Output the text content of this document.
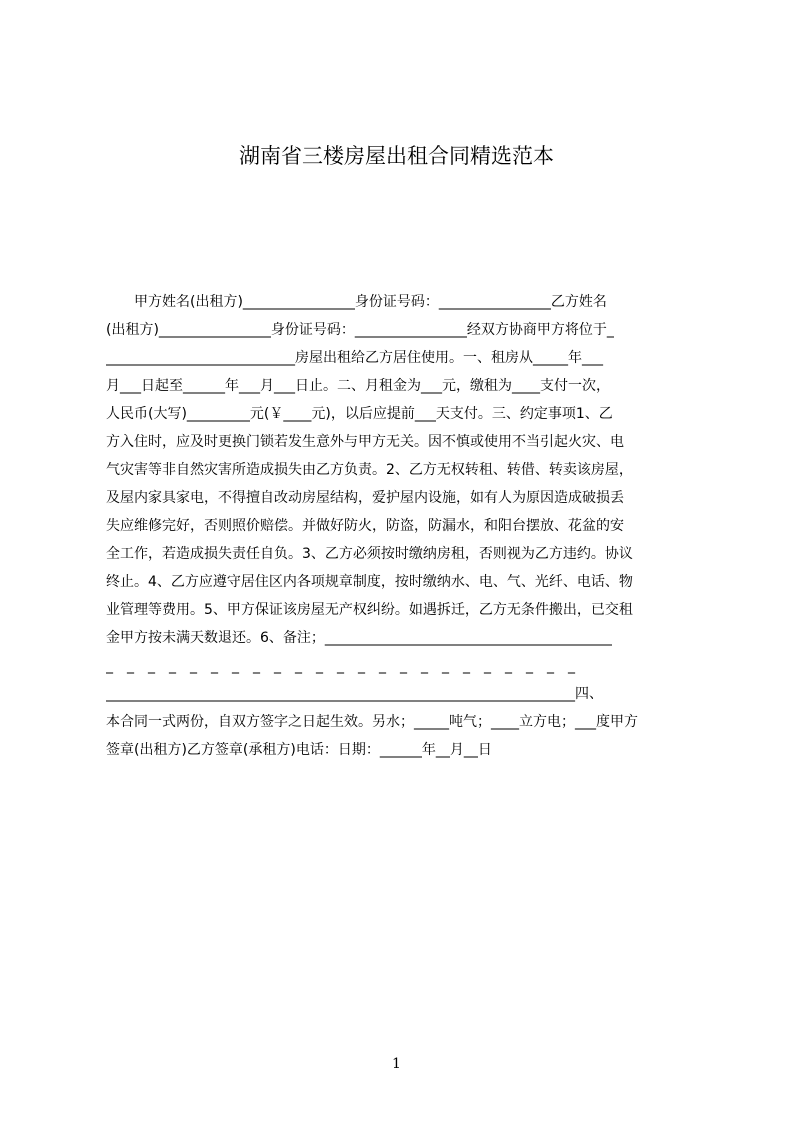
湖南省三楼房屋出租合同精选范本
　　甲方姓名(出租方)________________身份证号码：________________乙方姓名
(出租方)________________身份证号码：________________经双方协商甲方将位于_
___________________________房屋出租给乙方居住使用。一、租房从_____年___
月___日起至______年___月___日止。二、月租金为___元，缴租为____支付一次，
人民币(大写)_________元(￥____元)，以后应提前___天支付。三、约定事项1、乙
方入住时，应及时更换门锁若发生意外与甲方无关。因不慎或使用不当引起火灾、电
气灾害等非自然灾害所造成损失由乙方负责。2、乙方无权转租、转借、转卖该房屋，
及屋内家具家电，不得擅自改动房屋结构，爱护屋内设施，如有人为原因造成破损丢
失应维修完好，否则照价赔偿。并做好防火，防盗，防漏水，和阳台摆放、花盆的安
全工作，若造成损失责任自负。3、乙方必须按时缴纳房租，否则视为乙方违约。协议
终止。4、乙方应遵守居住区内各项规章制度，按时缴纳水、电、气、光纤、电话、物
业管理等费用。5、甲方保证该房屋无产权纠纷。如遇拆迁，乙方无条件搬出，已交租
金甲方按未满天数退还。6、备注；_________________________________________
_　_　_　_　_　_　_　_　_　_　_　_　_　_　_　_　_　_　_　_　_　_　_
___________________________________________________________________四、
本合同一式两份，自双方签字之日起生效。另水；_____吨气；____立方电；___度甲方
签章(出租方)乙方签章(承租方)电话：日期：______年__月__日
1
